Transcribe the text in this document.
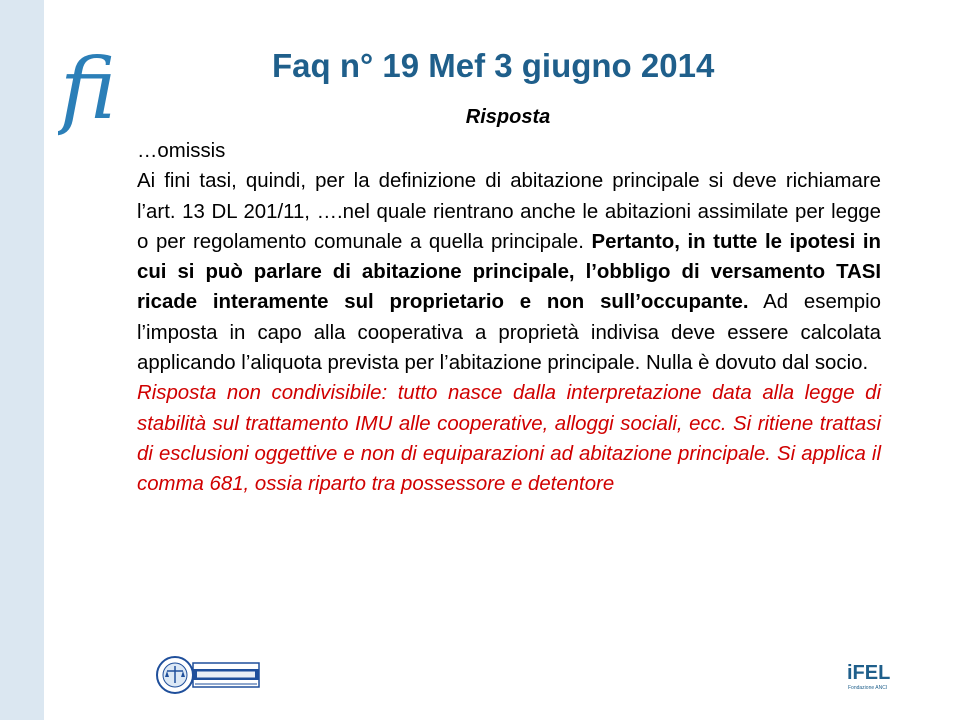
ﬁ	Faq n° 19 Mef 3 giugno 2014
Risposta

…omissis

Ai fini tasi, quindi, per la definizione di abitazione principale si deve richiamare l’art. 13 DL 201/11, ….nel quale rientrano anche le abitazioni assimilate per legge o per regolamento comunale a quella principale. Pertanto, in tutte le ipotesi in cui si può parlare di abitazione principale, l’obbligo di versamento TASI ricade interamente sul proprietario e non sull’occupante. Ad esempio l’imposta in capo alla cooperativa a proprietà indivisa deve essere calcolata applicando l’aliquota prevista per l’abitazione principale. Nulla è dovuto dal socio.

Risposta non condivisibile: tutto nasce dalla interpretazione data alla legge di stabilità sul trattamento IMU alle cooperative, alloggi sociali, ecc. Si ritiene trattasi di esclusioni oggettive e non di equiparazioni ad abitazione principale. Si applica il comma 681, ossia riparto tra possessore e detentore

iFEL
Fondazione ANCI
